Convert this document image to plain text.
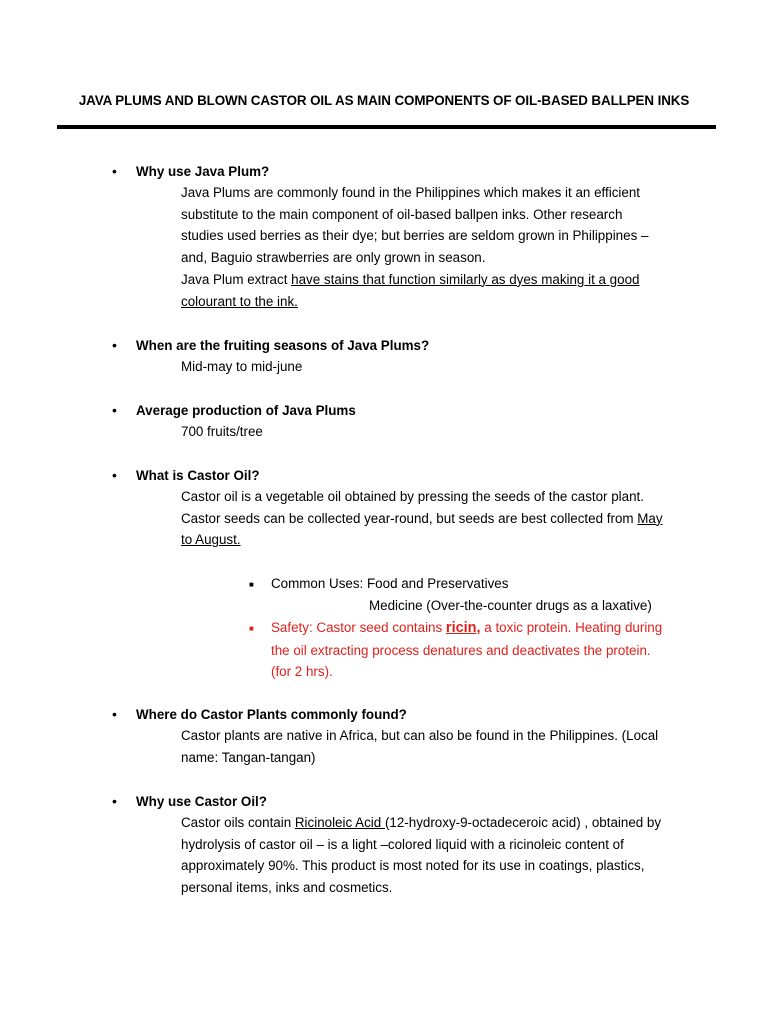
JAVA PLUMS AND BLOWN CASTOR OIL AS MAIN COMPONENTS OF OIL-BASED BALLPEN INKS
• Why use Java Plum?
Java Plums are commonly found in the Philippines which makes it an efficient
substitute to the main component of oil-based ballpen inks. Other research
studies used berries as their dye; but berries are seldom grown in Philippines –
and, Baguio strawberries are only grown in season.
Java Plum extract have stains that function similarly as dyes making it a good
colourant to the ink.
• When are the fruiting seasons of Java Plums?
Mid-may to mid-june
• Average production of Java Plums
700 fruits/tree
• What is Castor Oil?
Castor oil is a vegetable oil obtained by pressing the seeds of the castor plant.
Castor seeds can be collected year-round, but seeds are best collected from May
to August.
■ Common Uses: Food and Preservatives
Medicine (Over-the-counter drugs as a laxative)
■ Safety: Castor seed contains ricin, a toxic protein. Heating during
the oil extracting process denatures and deactivates the protein.
(for 2 hrs).
• Where do Castor Plants commonly found?
Castor plants are native in Africa, but can also be found in the Philippines. (Local
name: Tangan-tangan)
• Why use Castor Oil?
Castor oils contain Ricinoleic Acid (12-hydroxy-9-octadeceroic acid) , obtained by
hydrolysis of castor oil – is a light –colored liquid with a ricinoleic content of
approximately 90%. This product is most noted for its use in coatings, plastics,
personal items, inks and cosmetics.
